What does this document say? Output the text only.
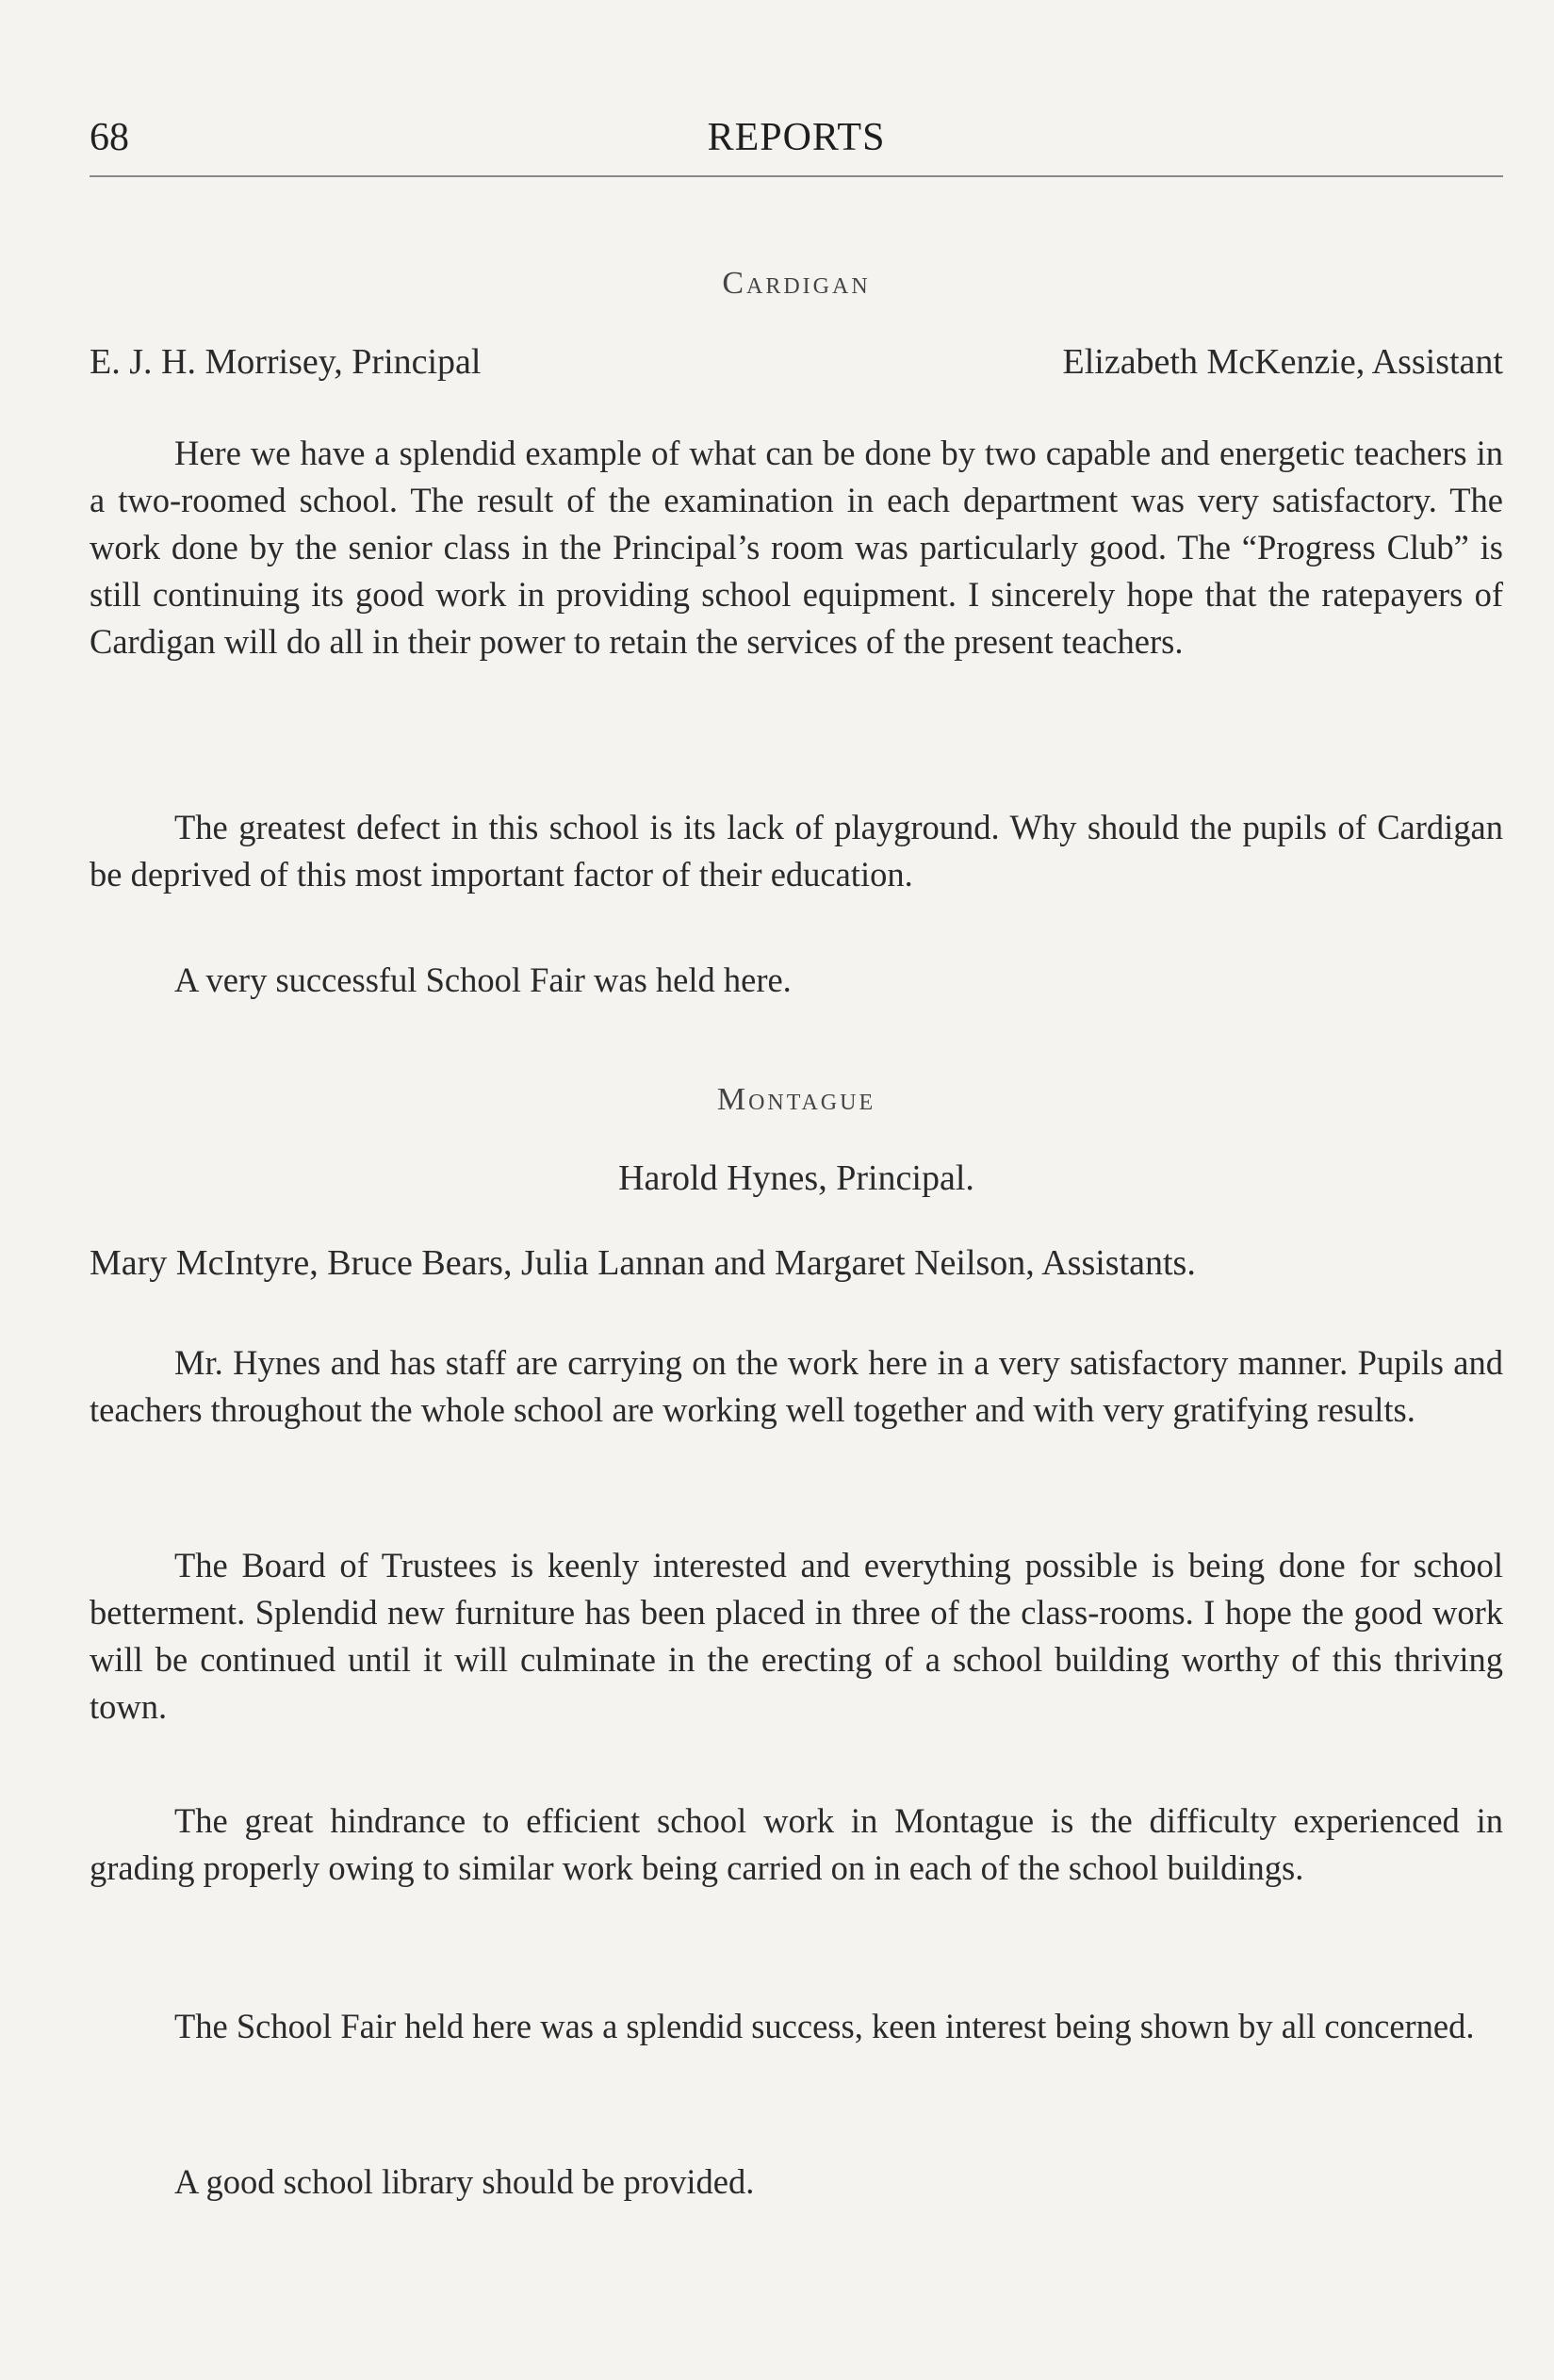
68	REPORTS
Cardigan
E. J. H. Morrisey, Principal	Elizabeth McKenzie, Assistant

Here we have a splendid example of what can be done by two capable and energetic teachers in a two-roomed school. The result of the examination in each department was very satisfactory. The work done by the senior class in the Principal’s room was particularly good. The “Progress Club” is still continuing its good work in providing school equipment. I sincerely hope that the ratepayers of Cardigan will do all in their power to retain the services of the present teachers.

The greatest defect in this school is its lack of playground. Why should the pupils of Cardigan be deprived of this most important factor of their education.

A very successful School Fair was held here.

Montague
Harold Hynes, Principal.
Mary McIntyre, Bruce Bears, Julia Lannan and Margaret Neilson, Assistants.

Mr. Hynes and has staff are carrying on the work here in a very satisfactory manner. Pupils and teachers throughout the whole school are working well together and with very gratifying results.

The Board of Trustees is keenly interested and everything possible is being done for school betterment. Splendid new furniture has been placed in three of the class-rooms. I hope the good work will be continued until it will culminate in the erecting of a school building worthy of this thriving town.

The great hindrance to efficient school work in Montague is the difficulty experienced in grading properly owing to similar work being carried on in each of the school buildings.

The School Fair held here was a splendid success, keen interest being shown by all concerned.

A good school library should be provided.
